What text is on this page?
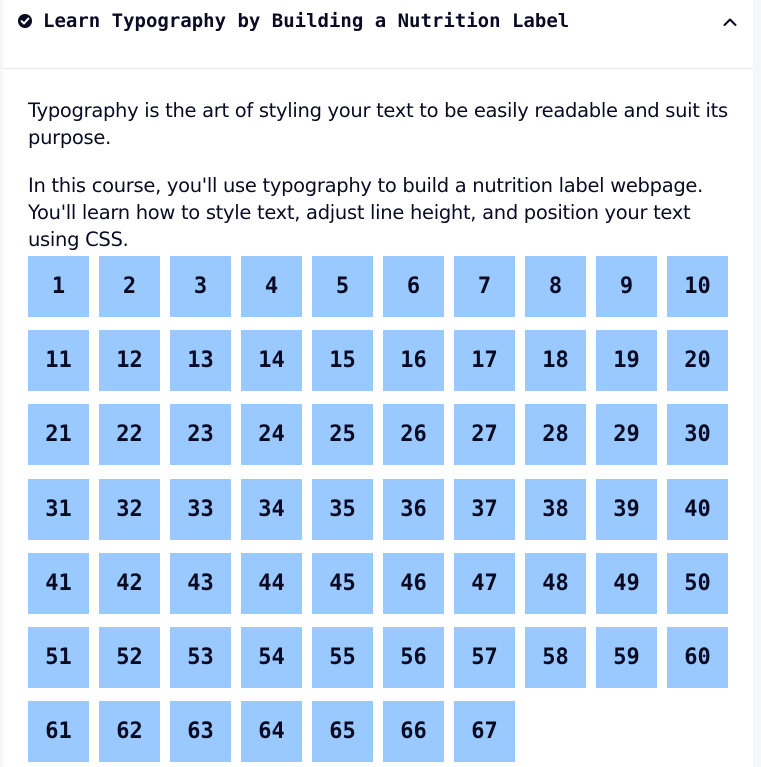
Learn Typography by Building a Nutrition Label

Typography is the art of styling your text to be easily readable and suit its purpose.

In this course, you'll use typography to build a nutrition label webpage. You'll learn how to style text, adjust line height, and position your text using CSS.

1	2	3	4	5	6	7	8	9	10
11	12	13	14	15	16	17	18	19	20
21	22	23	24	25	26	27	28	29	30
31	32	33	34	35	36	37	38	39	40
41	42	43	44	45	46	47	48	49	50
51	52	53	54	55	56	57	58	59	60
61	62	63	64	65	66	67
